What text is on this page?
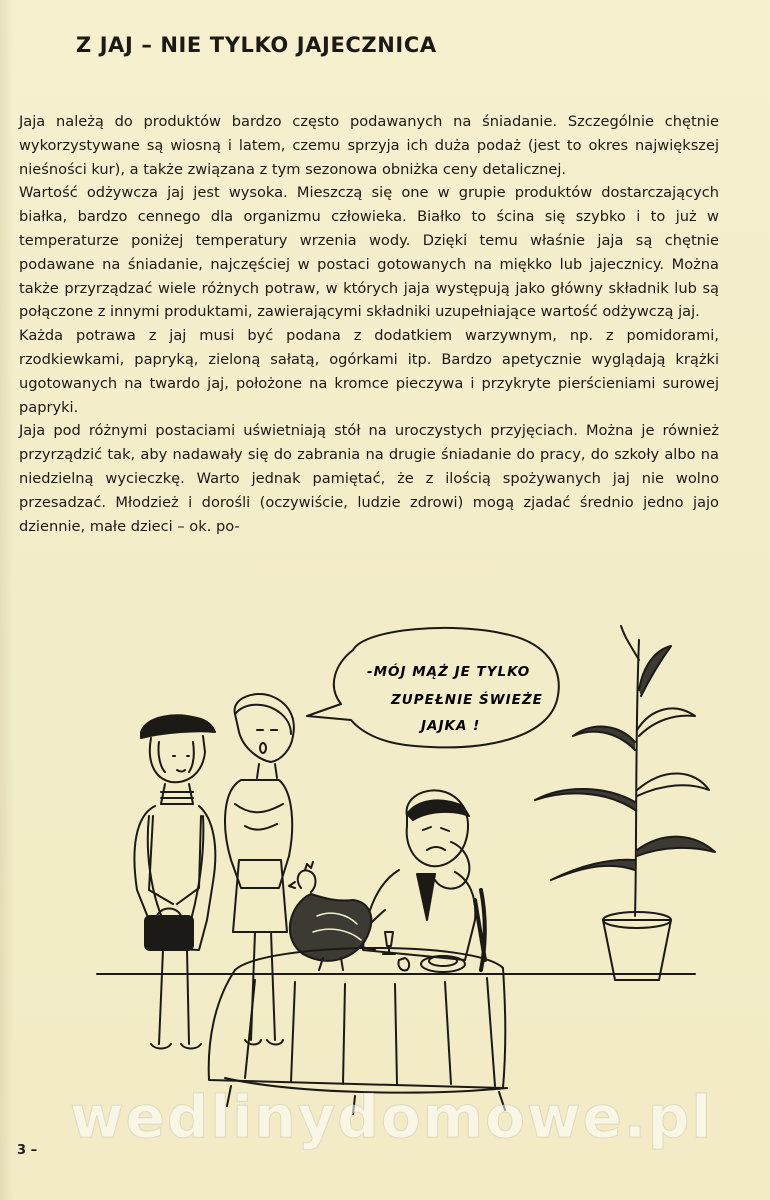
Z JAJ – NIE TYLKO JAJECZNICA

Jaja należą do produktów bardzo często podawanych na śniadanie. Szczególnie chętnie wykorzystywane są wiosną i latem, czemu sprzyja ich duża podaż (jest to okres największej nieśności kur), a także związana z tym sezonowa obniżka ceny detalicznej.

Wartość odżywcza jaj jest wysoka. Mieszczą się one w grupie produktów dostarczających białka, bardzo cennego dla organizmu człowieka. Białko to ścina się szybko i to już w temperaturze poniżej temperatury wrzenia wody. Dzięki temu właśnie jaja są chętnie podawane na śniadanie, najczęściej w postaci gotowanych na miękko lub jajecznicy. Można także przyrządzać wiele różnych potraw, w których jaja występują jako główny składnik lub są połączone z innymi produktami, zawierającymi składniki uzupełniające wartość odżywczą jaj.

Każda potrawa z jaj musi być podana z dodatkiem warzywnym, np. z pomidorami, rzodkiewkami, papryką, zieloną sałatą, ogórkami itp. Bardzo apetycznie wyglądają krążki ugotowanych na twardo jaj, położone na kromce pieczywa i przykryte pierścieniami surowej papryki.

Jaja pod różnymi postaciami uświetniają stół na uroczystych przyjęciach. Można je również przyrządzić tak, aby nadawały się do zabrania na drugie śniadanie do pracy, do szkoły albo na niedzielną wycieczkę. Warto jednak pamiętać, że z ilością spożywanych jaj nie wolno przesadzać. Młodzież i dorośli (oczywiście, ludzie zdrowi) mogą zjadać średnio jedno jajo dziennie, małe dzieci – ok. po-

-MÓJ MĄŻ JE TYLKO
ZUPEŁNIE ŚWIEŻE
JAJKA !
wedlinydomowe.pl
3 –
